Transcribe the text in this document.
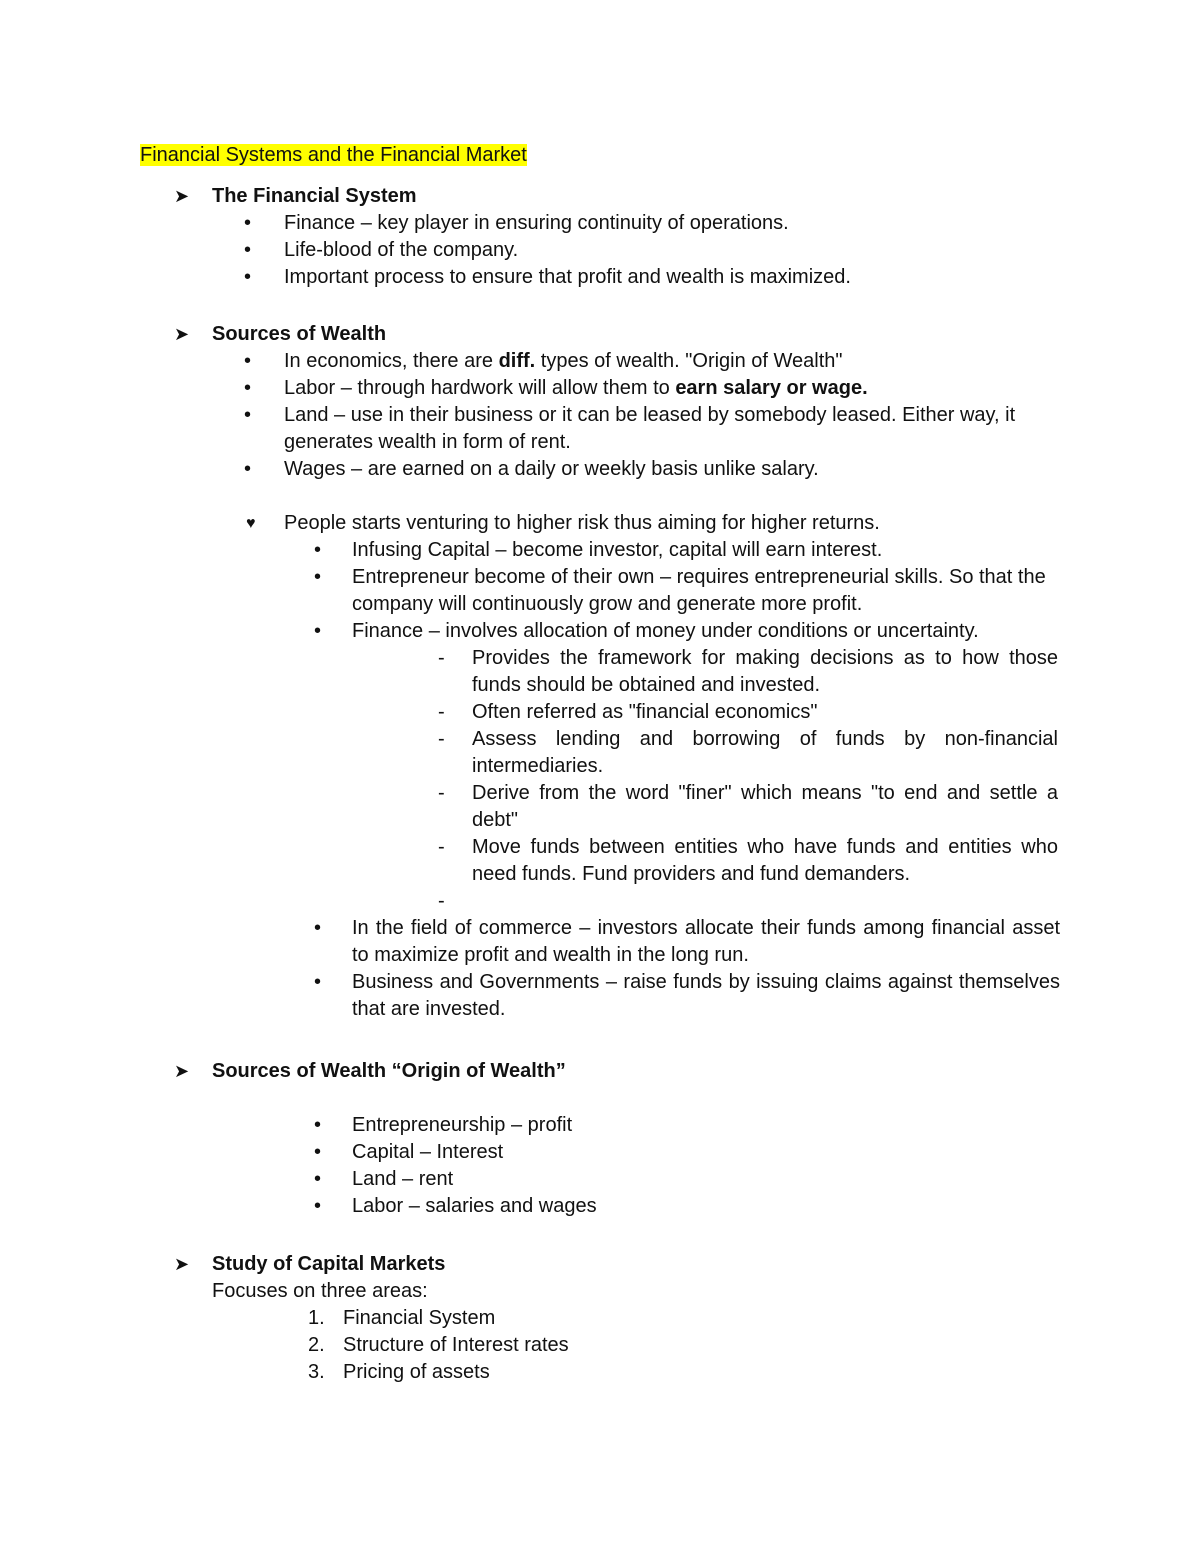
Financial Systems and the Financial Market
➤ The Financial System
• Finance – key player in ensuring continuity of operations.
• Life-blood of the company.
• Important process to ensure that profit and wealth is maximized.
➤ Sources of Wealth
• In economics, there are diff. types of wealth. "Origin of Wealth"
• Labor – through hardwork will allow them to earn salary or wage.
• Land – use in their business or it can be leased by somebody leased. Either way, it generates wealth in form of rent.
• Wages – are earned on a daily or weekly basis unlike salary.
♥ People starts venturing to higher risk thus aiming for higher returns.
• Infusing Capital – become investor, capital will earn interest.
• Entrepreneur become of their own – requires entrepreneurial skills. So that the company will continuously grow and generate more profit.
• Finance – involves allocation of money under conditions or uncertainty.
- Provides the framework for making decisions as to how those funds should be obtained and invested.
- Often referred as "financial economics"
- Assess lending and borrowing of funds by non-financial intermediaries.
- Derive from the word "finer" which means "to end and settle a debt"
- Move funds between entities who have funds and entities who need funds. Fund providers and fund demanders.
-
• In the field of commerce – investors allocate their funds among financial asset to maximize profit and wealth in the long run.
• Business and Governments – raise funds by issuing claims against themselves that are invested.
➤ Sources of Wealth “Origin of Wealth”
• Entrepreneurship – profit
• Capital – Interest
• Land – rent
• Labor – salaries and wages
➤ Study of Capital Markets
Focuses on three areas:
1. Financial System
2. Structure of Interest rates
3. Pricing of assets
